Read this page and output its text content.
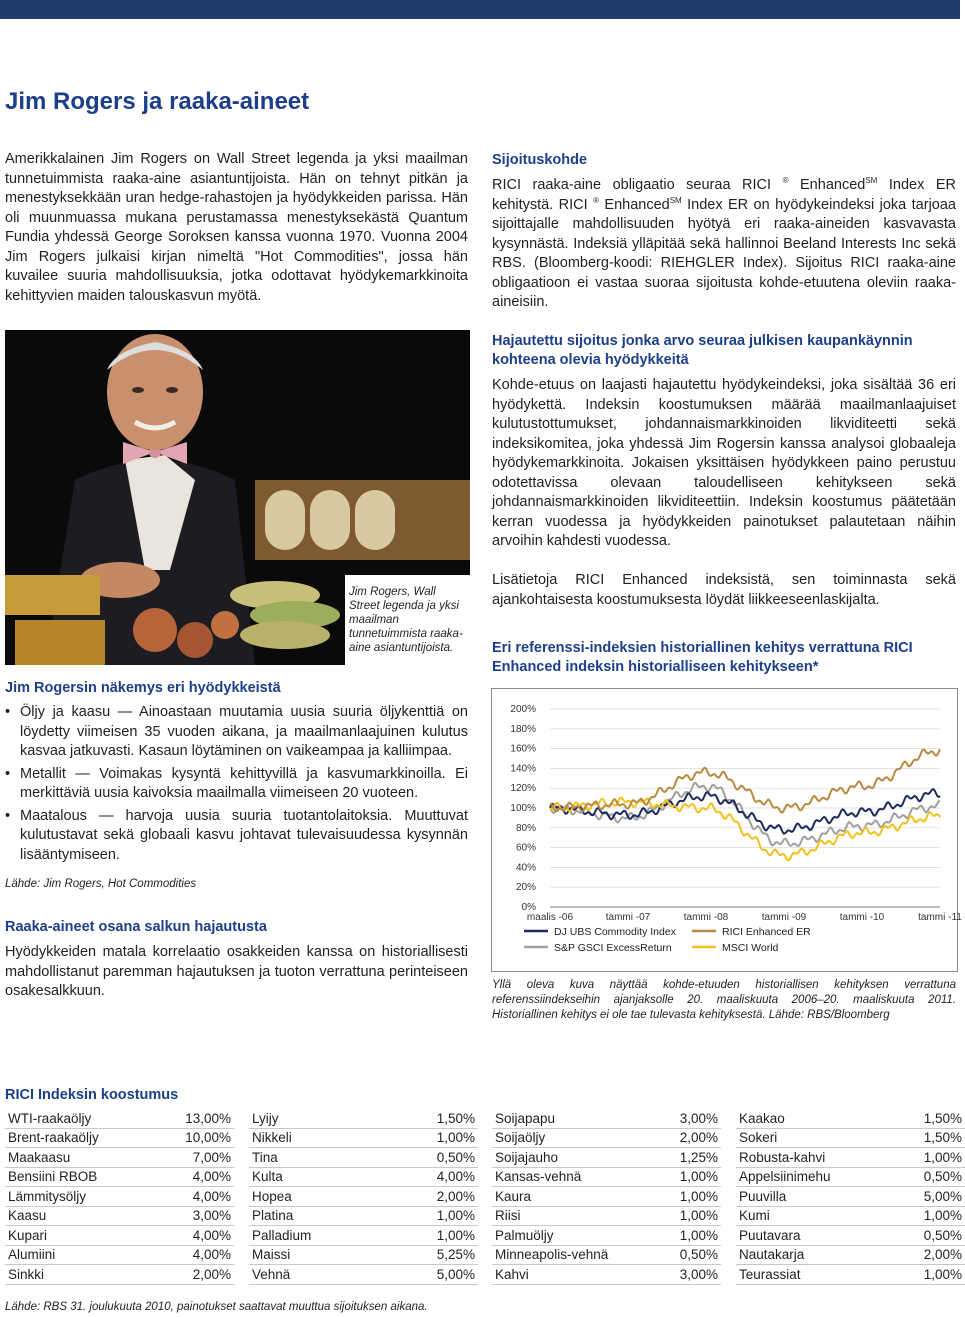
Jim Rogers ja raaka-aineet

Amerikkalainen Jim Rogers on Wall Street legenda ja yksi maailman tunnetuimmista raaka-aine asiantuntijoista. Hän on tehnyt pitkän ja menestyksekkään uran hedge-rahastojen ja hyödykkeiden parissa. Hän oli muunmuassa mukana perustamassa menestyksekästä Quantum Fundia yhdessä George Soroksen kanssa vuonna 1970. Vuonna 2004 Jim Rogers julkaisi kirjan nimeltä "Hot Commodities", jossa hän kuvailee suuria mahdollisuuksia, jotka odottavat hyödykemarkkinoita kehittyvien maiden talouskasvun myötä.

Jim Rogers, Wall Street legenda ja yksi maailman tunnetuimmista raaka-aine asiantuntijoista.

Jim Rogersin näkemys eri hyödykkeistä

• Öljy ja kaasu — Ainoastaan muutamia uusia suuria öljykenttiä on löydetty viimeisen 35 vuoden aikana, ja maailmanlaajuinen kulutus kasvaa jatkuvasti. Kasaun löytäminen on vaikeampaa ja kalliimpaa.
• Metallit — Voimakas kysyntä kehittyvillä ja kasvumarkkinoilla. Ei merkittäviä uusia kaivoksia maailmalla viimeiseen 20 vuoteen.
• Maatalous — harvoja uusia suuria tuotantolaitoksia. Muuttuvat kulutustavat sekä globaali kasvu johtavat tulevaisuudessa kysynnän lisääntymiseen.

Lähde: Jim Rogers, Hot Commodities

Raaka-aineet osana salkun hajautusta

Hyödykkeiden matala korrelaatio osakkeiden kanssa on historiallisesti mahdollistanut paremman hajautuksen ja tuoton verrattuna perinteiseen osakesalkkuun.

Sijoituskohde

RICI raaka-aine obligaatio seuraa RICI ® Enhanced℠ Index ER kehitystä. RICI ® Enhanced℠ Index ER on hyödykeindeksi joka tarjoaa sijoittajalle mahdollisuuden hyötyä eri raaka-aineiden kasvavasta kysynnästä. Indeksiä ylläpitää sekä hallinnoi Beeland Interests Inc sekä RBS. (Bloomberg-koodi: RIEHGLER Index). Sijoitus RICI raaka-aine obligaatioon ei vastaa suoraa sijoitusta kohde-etuutena oleviin raaka-aineisiin.

Hajautettu sijoitus jonka arvo seuraa julkisen kaupankäynnin kohteena olevia hyödykkeitä

Kohde-etuus on laajasti hajautettu hyödykeindeksi, joka sisältää 36 eri hyödykettä. Indeksin koostumuksen määrää maailmanlaajuiset kulutustottumukset, johdannaismarkkinoiden likviditeetti sekä indeksikomitea, joka yhdessä Jim Rogersin kanssa analysoi globaaleja hyödykemarkkinoita. Jokaisen yksittäisen hyödykkeen paino perustuu odotettavissa olevaan taloudelliseen kehitykseen sekä johdannaismarkkinoiden likviditeettiin. Indeksin koostumus päätetään kerran vuodessa ja hyödykkeiden painotukset palautetaan näihin arvoihin kahdesti vuodessa.

Lisätietoja RICI Enhanced indeksistä, sen toiminnasta sekä ajankohtaisesta koostumuksesta löydät liikkeeseenlaskijalta.

Eri referenssi-indeksien historiallinen kehitys verrattuna RICI Enhanced indeksin historialliseen kehitykseen*

0%
20%
40%
60%
80%
100%
120%
140%
160%
180%
200%
maalis -06	tammi -07	tammi -08	tammi -09	tammi -10	tammi -11
DJ UBS Commodity Index	RICI Enhanced ER
S&P GSCI ExcessReturn	MSCI World

Yllä oleva kuva näyttää kohde-etuuden historiallisen kehityksen verrattuna referenssiindekseihin ajanjaksolle 20. maaliskuuta 2006–20. maaliskuuta 2011. Historiallinen kehitys ei ole tae tulevasta kehityksestä. Lähde: RBS/Bloomberg

RICI Indeksin koostumus

WTI-raakaöljy	13,00%
Brent-raakaöljy	10,00%
Maakaasu	7,00%
Bensiini RBOB	4,00%
Lämmitysöljy	4,00%
Kaasu	3,00%
Kupari	4,00%
Alumiini	4,00%
Sinkki	2,00%
Lyijy	1,50%
Nikkeli	1,00%
Tina	0,50%
Kulta	4,00%
Hopea	2,00%
Platina	1,00%
Palladium	1,00%
Maissi	5,25%
Vehnä	5,00%
Soijapapu	3,00%
Soijaöljy	2,00%
Soijajauho	1,25%
Kansas-vehnä	1,00%
Kaura	1,00%
Riisi	1,00%
Palmuöljy	1,00%
Minneapolis-vehnä	0,50%
Kahvi	3,00%
Kaakao	1,50%
Sokeri	1,50%
Robusta-kahvi	1,00%
Appelsiinimehu	0,50%
Puuvilla	5,00%
Kumi	1,00%
Puutavara	0,50%
Nautakarja	2,00%
Teurassiat	1,00%

Lähde: RBS 31. joulukuuta 2010, painotukset saattavat muuttua sijoituksen aikana.
